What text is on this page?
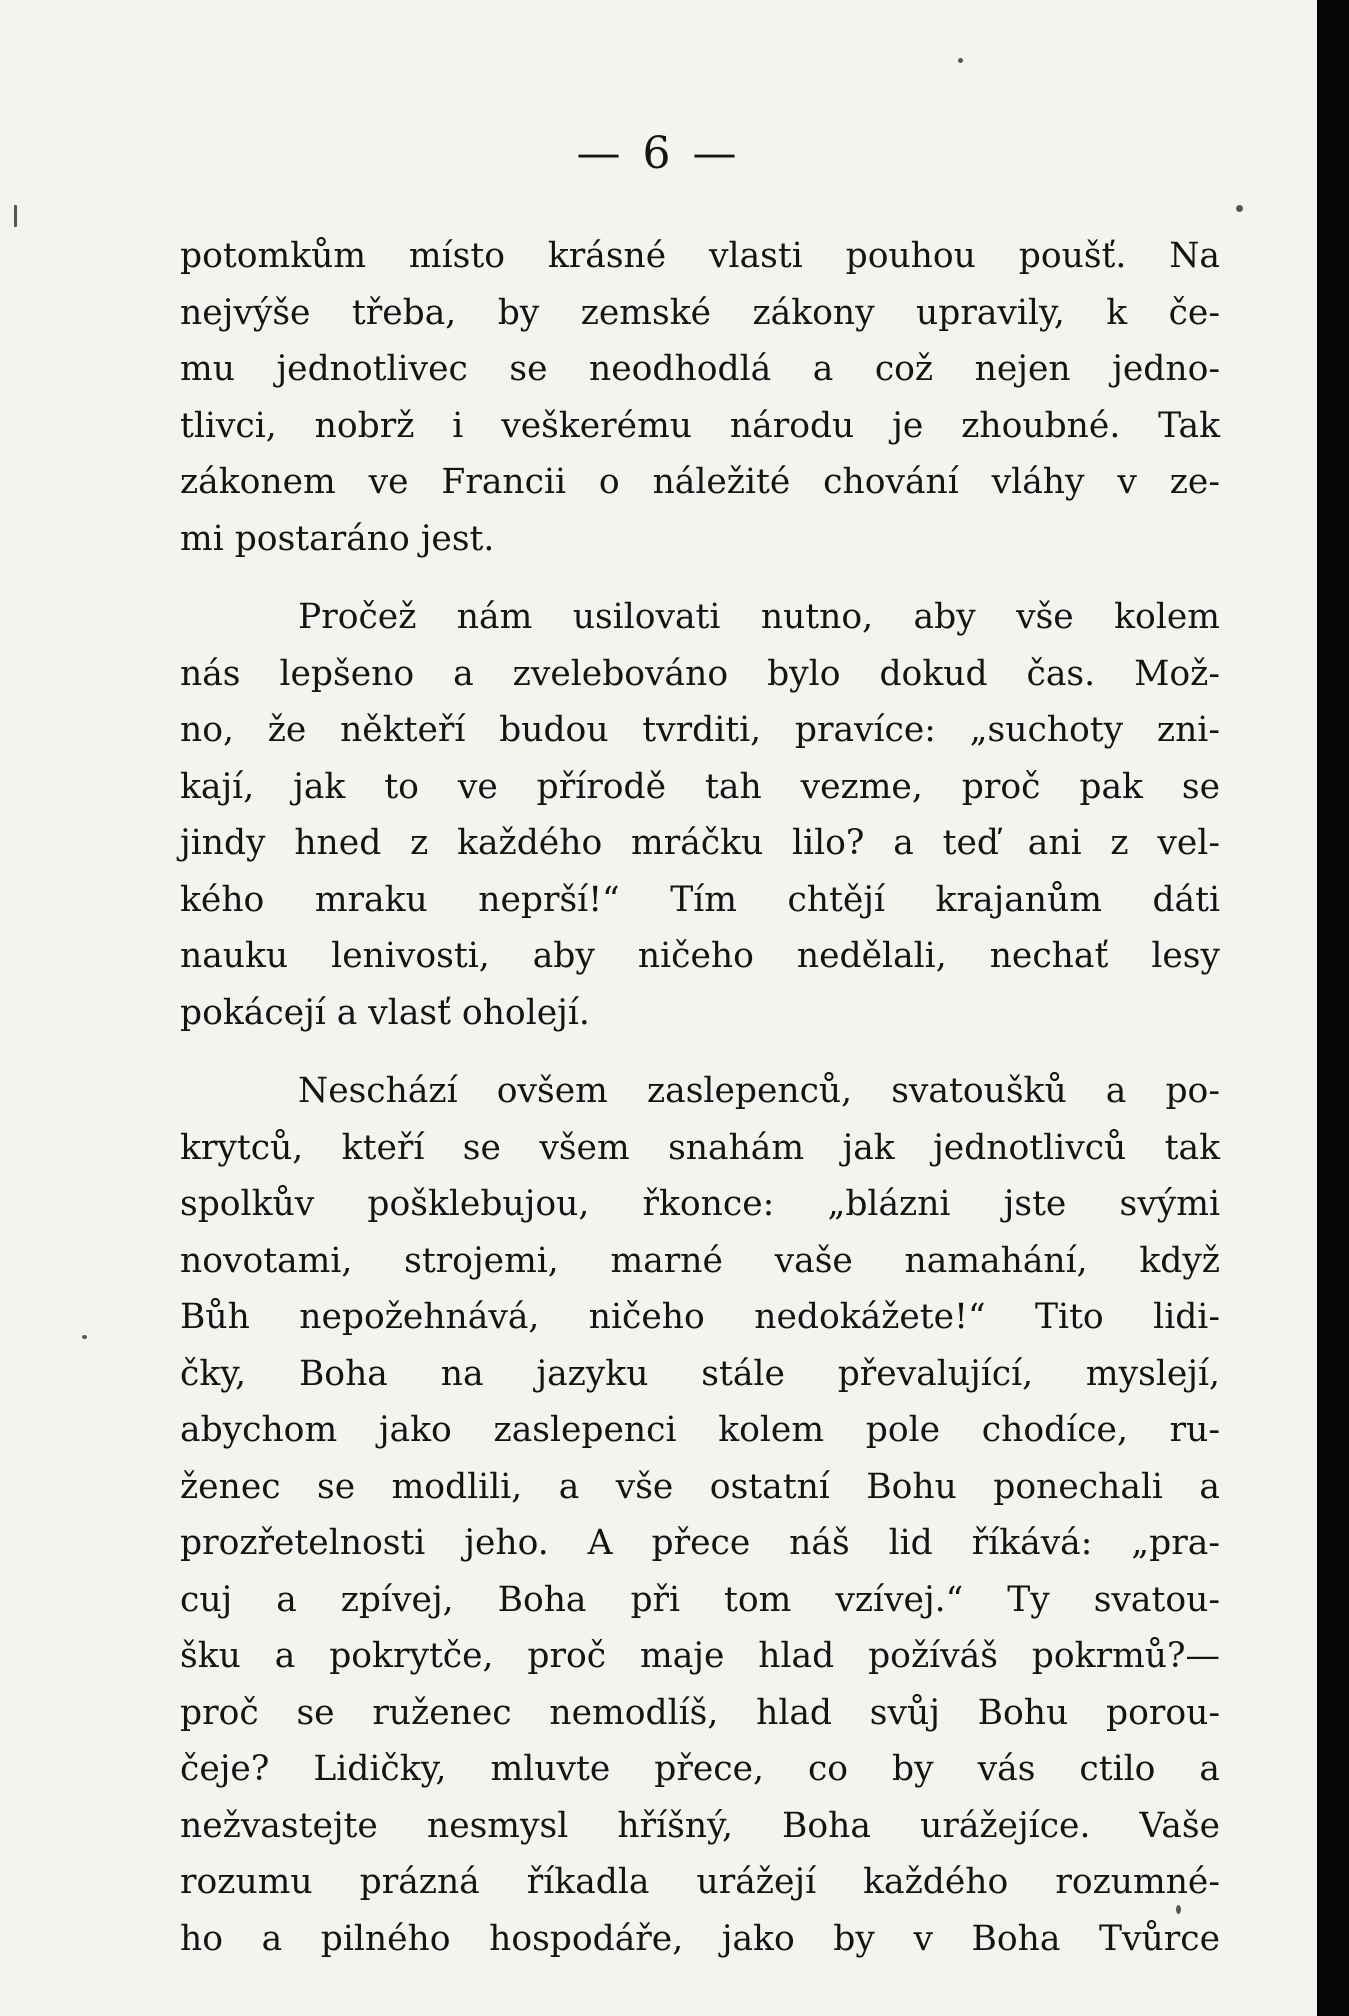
— 6 —
potomkům místo krásné vlasti pouhou poušť. Na
nejvýše třeba, by zemské zákony upravily, k če-
mu jednotlivec se neodhodlá a což nejen jedno-
tlivci, nobrž i veškerému národu je zhoubné. Tak
zákonem ve Francii o náležité chování vláhy v ze-
mi postaráno jest.
Pročež nám usilovati nutno, aby vše kolem
nás lepšeno a zvelebováno bylo dokud čas. Mož-
no, že někteří budou tvrditi, pravíce: „suchoty zni-
kají, jak to ve přírodě tah vezme, proč pak se
jindy hned z každého mráčku lilo? a teď ani z vel-
kého mraku neprší!“ Tím chtějí krajanům dáti
nauku lenivosti, aby ničeho nedělali, nechať lesy
pokácejí a vlasť oholejí.
Neschází ovšem zaslepenců, svatoušků a po-
krytců, kteří se všem snahám jak jednotlivců tak
spolkův pošklebujou, řkonce: „blázni jste svými
novotami, strojemi, marné vaše namahání, když
Bůh nepožehnává, ničeho nedokážete!“ Tito lidi-
čky, Boha na jazyku stále převalující, myslejí,
abychom jako zaslepenci kolem pole chodíce, ru-
ženec se modlili, a vše ostatní Bohu ponechali a
prozřetelnosti jeho. A přece náš lid říkává: „pra-
cuj a zpívej, Boha při tom vzívej.“ Ty svatou-
šku a pokrytče, proč maje hlad požíváš pokrmů?—
proč se ruženec nemodlíš, hlad svůj Bohu porou-
čeje? Lidičky, mluvte přece, co by vás ctilo a
nežvastejte nesmysl hříšný, Boha urážejíce. Vaše
rozumu prázná říkadla urážejí každého rozumné-
ho a pilného hospodáře, jako by v Boha Tvůrce
